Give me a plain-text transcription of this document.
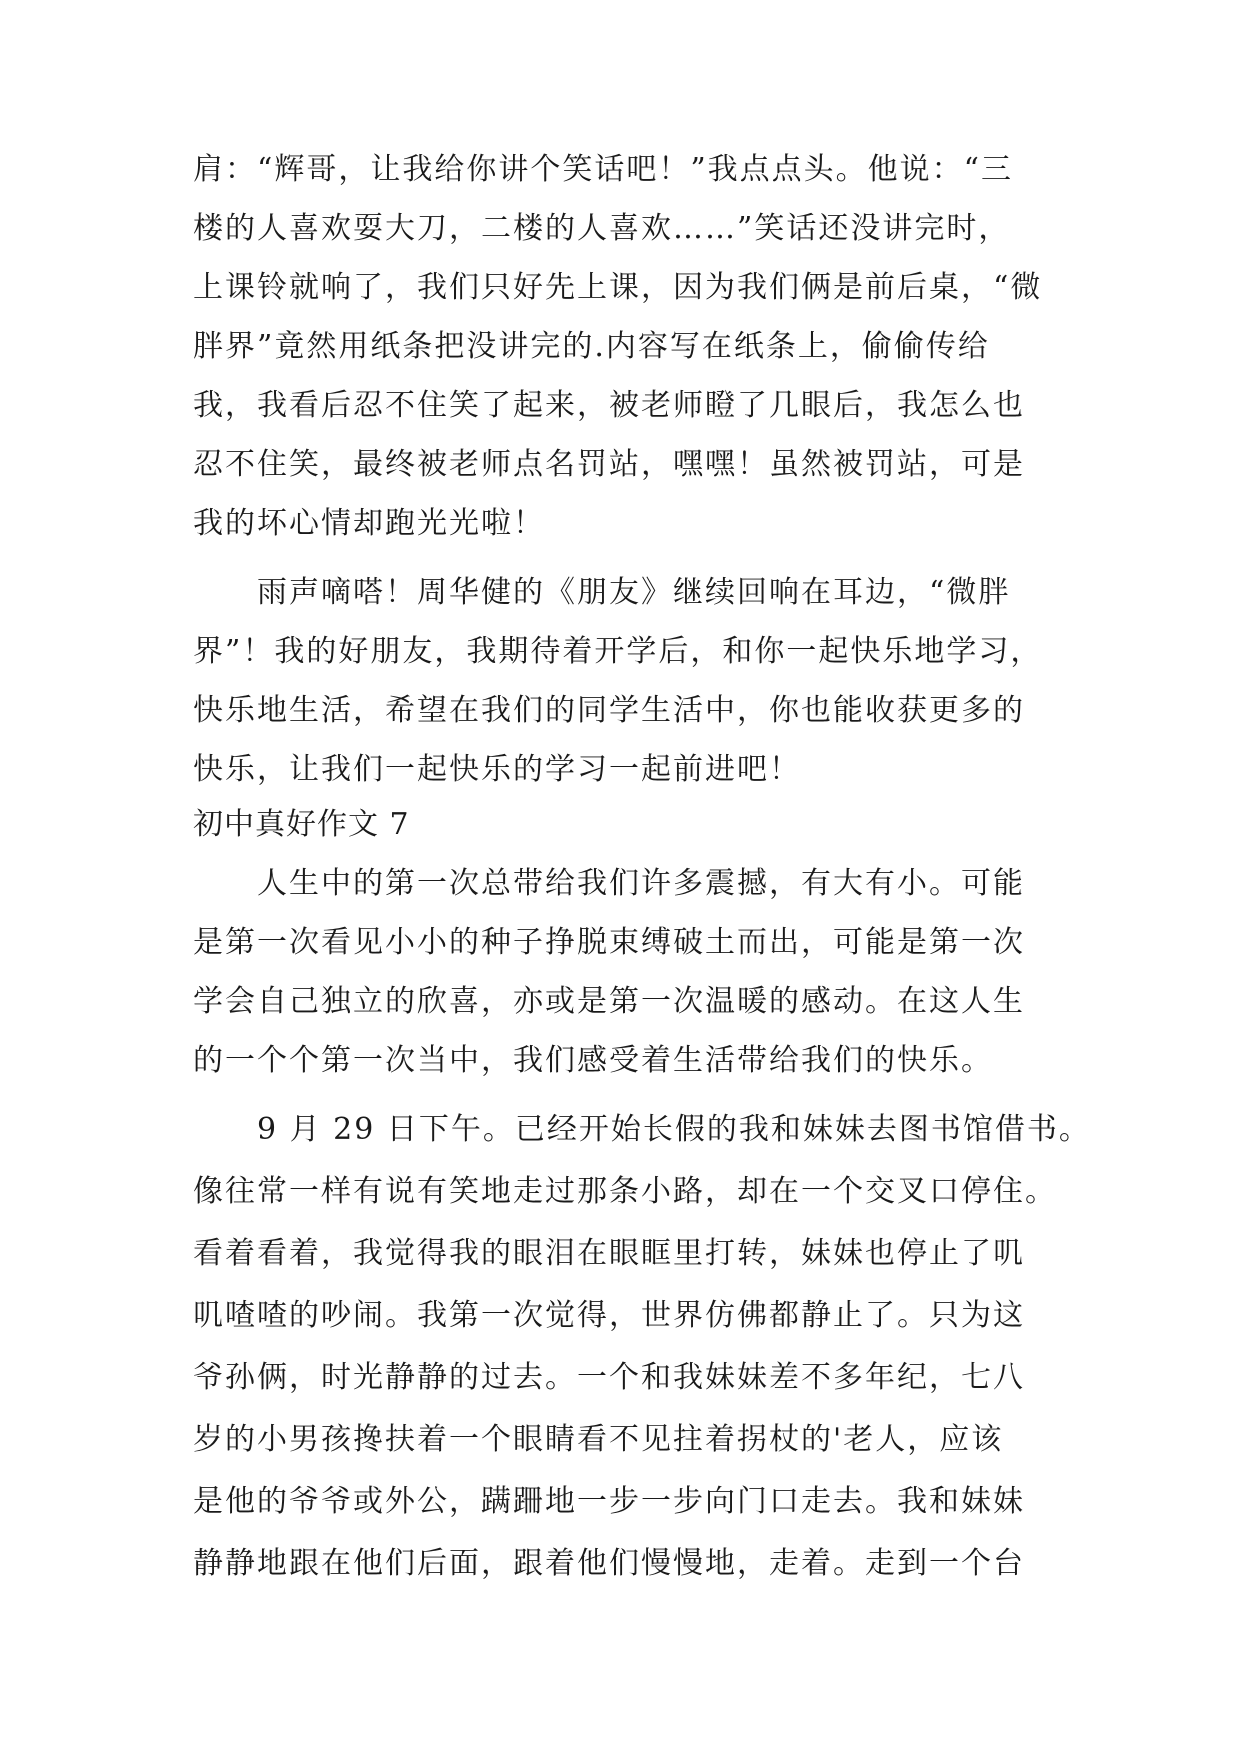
肩：“辉哥，让我给你讲个笑话吧！”我点点头。他说：“三
楼的人喜欢耍大刀，二楼的人喜欢……”笑话还没讲完时，
上课铃就响了，我们只好先上课，因为我们俩是前后桌，“微
胖界”竟然用纸条把没讲完的.内容写在纸条上，偷偷传给
我，我看后忍不住笑了起来，被老师瞪了几眼后，我怎么也
忍不住笑，最终被老师点名罚站，嘿嘿！虽然被罚站，可是
我的坏心情却跑光光啦！
雨声嘀嗒！周华健的《朋友》继续回响在耳边，“微胖
界”！我的好朋友，我期待着开学后，和你一起快乐地学习，
快乐地生活，希望在我们的同学生活中，你也能收获更多的
快乐，让我们一起快乐的学习一起前进吧！
初中真好作文 7
人生中的第一次总带给我们许多震撼，有大有小。可能
是第一次看见小小的种子挣脱束缚破土而出，可能是第一次
学会自己独立的欣喜，亦或是第一次温暖的感动。在这人生
的一个个第一次当中，我们感受着生活带给我们的快乐。
9 月 29 日下午。已经开始长假的我和妹妹去图书馆借书。
像往常一样有说有笑地走过那条小路，却在一个交叉口停住。
看着看着，我觉得我的眼泪在眼眶里打转，妹妹也停止了叽
叽喳喳的吵闹。我第一次觉得，世界仿佛都静止了。只为这
爷孙俩，时光静静的过去。一个和我妹妹差不多年纪，七八
岁的小男孩搀扶着一个眼睛看不见拄着拐杖的'老人，应该
是他的爷爷或外公，蹒跚地一步一步向门口走去。我和妹妹
静静地跟在他们后面，跟着他们慢慢地，走着。走到一个台
